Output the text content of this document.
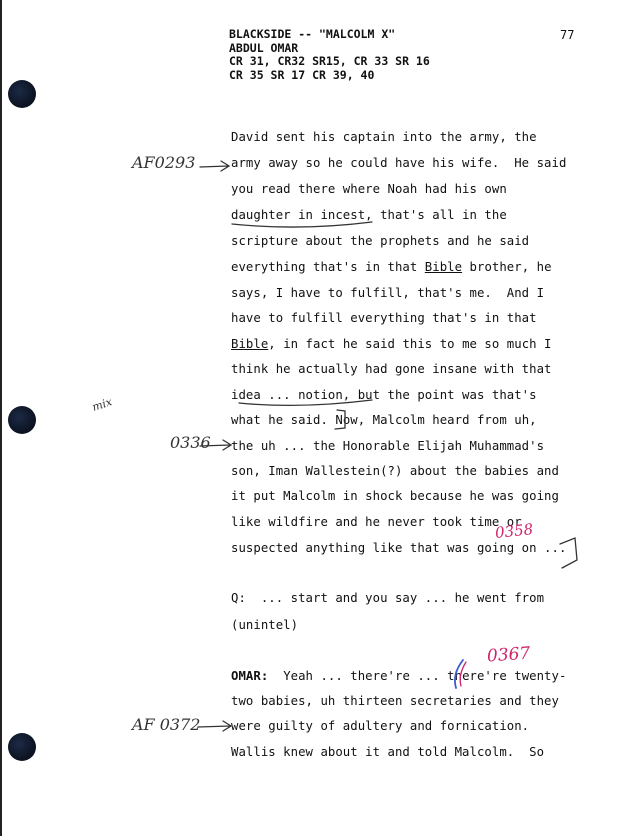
BLACKSIDE -- "MALCOLM X"
ABDUL OMAR
CR 31, CR32 SR15, CR 33 SR 16
CR 35 SR 17 CR 39, 40
77
David sent his captain into the army, the
army away so he could have his wife.  He said
you read there where Noah had his own
daughter in incest, that's all in the
scripture about the prophets and he said
everything that's in that Bible brother, he
says, I have to fulfill, that's me.  And I
have to fulfill everything that's in that
Bible, in fact he said this to me so much I
think he actually had gone insane with that
idea ... notion, but the point was that's
what he said. Now, Malcolm heard from uh,
the uh ... the Honorable Elijah Muhammad's
son, Iman Wallestein(?) about the babies and
it put Malcolm in shock because he was going
like wildfire and he never took time or
suspected anything like that was going on ...
Q:  ... start and you say ... he went from
(unintel)
OMAR:  Yeah ... there're ... there're twenty-
two babies, uh thirteen secretaries and they
were guilty of adultery and fornication.
Wallis knew about it and told Malcolm.  So
AF0293
mix
0336
0358
0367
AF 0372
